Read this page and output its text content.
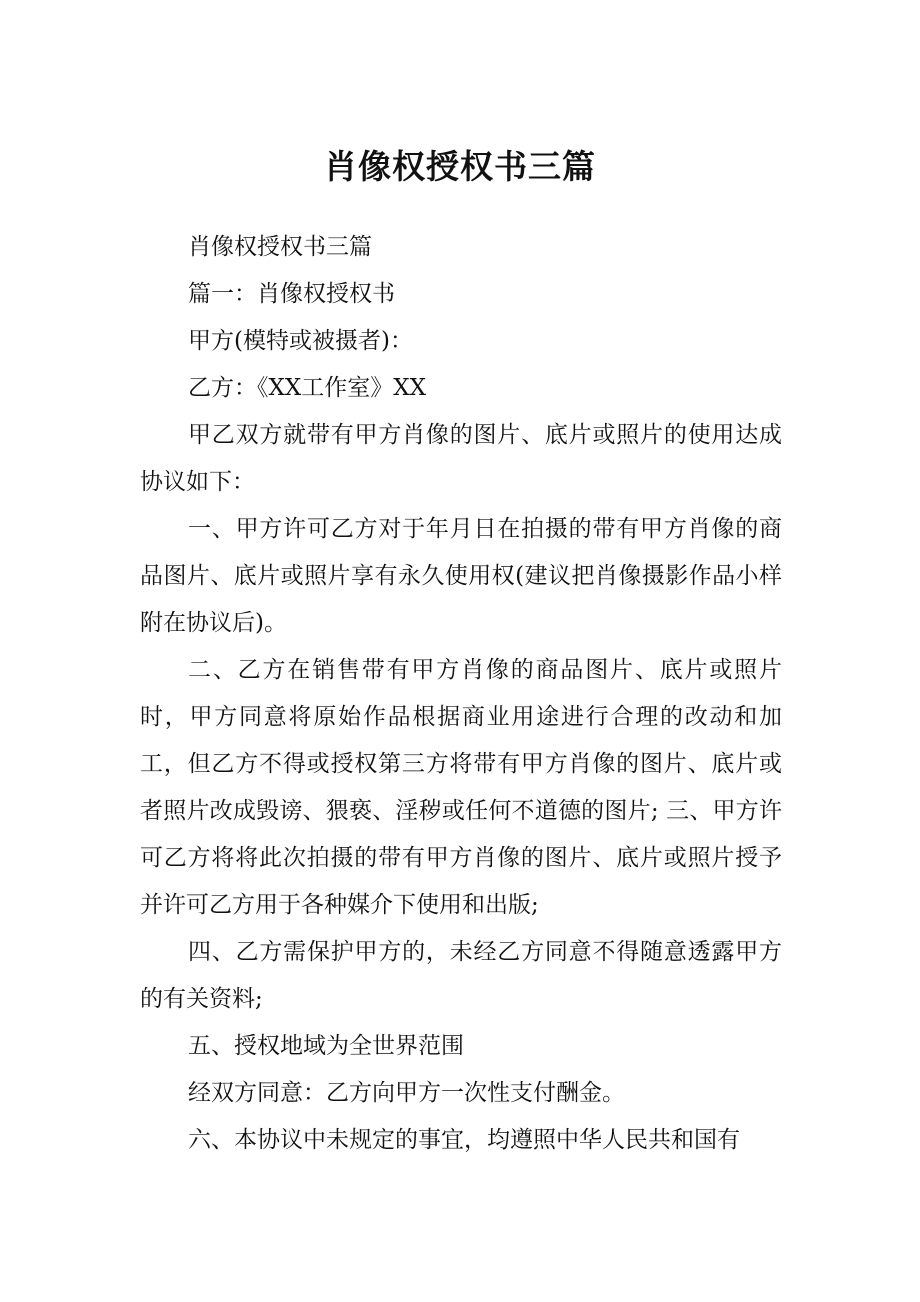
肖像权授权书三篇

肖像权授权书三篇

篇一：肖像权授权书

甲方(模特或被摄者)：

乙方：《XX工作室》XX

甲乙双方就带有甲方肖像的图片、底片或照片的使用达成协议如下：

一、甲方许可乙方对于年月日在拍摄的带有甲方肖像的商品图片、底片或照片享有永久使用权(建议把肖像摄影作品小样附在协议后)。

二、乙方在销售带有甲方肖像的商品图片、底片或照片时，甲方同意将原始作品根据商业用途进行合理的改动和加工，但乙方不得或授权第三方将带有甲方肖像的图片、底片或者照片改成毁谤、猥亵、淫秽或任何不道德的图片; 三、甲方许可乙方将将此次拍摄的带有甲方肖像的图片、底片或照片授予并许可乙方用于各种媒介下使用和出版;

四、乙方需保护甲方的，未经乙方同意不得随意透露甲方的有关资料;

五、授权地域为全世界范围

经双方同意：乙方向甲方一次性支付酬金。

六、本协议中未规定的事宜，均遵照中华人民共和国有
